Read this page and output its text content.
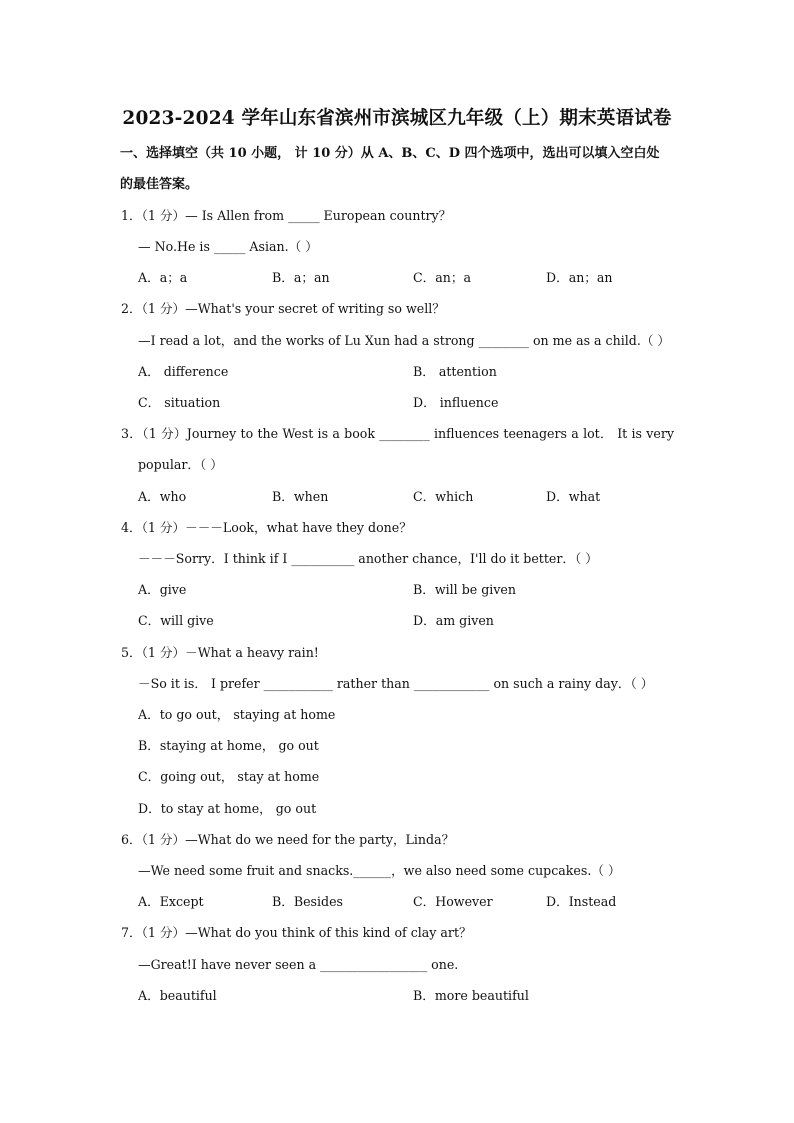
2023-2024 学年山东省滨州市滨城区九年级（上）期末英语试卷
一、选择填空（共 10 小题， 计 10 分）从 A、B、C、D 四个选项中，选出可以填入空白处
的最佳答案。
1．（1 分）— Is Allen from _____ European country？
— No.He is _____ Asian.（ ）
A．a；a	B．a；an	C．an；a	D．an；an
2．（1 分）—What's your secret of writing so well？
—I read a lot，and the works of Lu Xun had a strong ________ on me as a child.（ ）
A． difference	B． attention
C． situation	D． influence
3．（1 分）Journey to the West is a book ________ influences teenagers a lot． It is very
popular．（ ）
A．who	B．when	C．which	D．what
4．（1 分）－－－Look，what have they done？
－－－Sorry．I think if I __________ another chance，I'll do it better．（ ）
A．give	B．will be given
C．will give	D．am given
5．（1 分）－What a heavy rain!
－So it is． I prefer ___________ rather than ____________ on such a rainy day．（ ）
A．to go out， staying at home
B．staying at home， go out
C．going out， stay at home
D．to stay at home， go out
6．（1 分）—What do we need for the party，Linda？
—We need some fruit and snacks.______，we also need some cupcakes.（ ）
A．Except	B．Besides	C．However	D．Instead
7．（1 分）—What do you think of this kind of clay art？
—Great!I have never seen a _________________ one.
A．beautiful	B．more beautiful
